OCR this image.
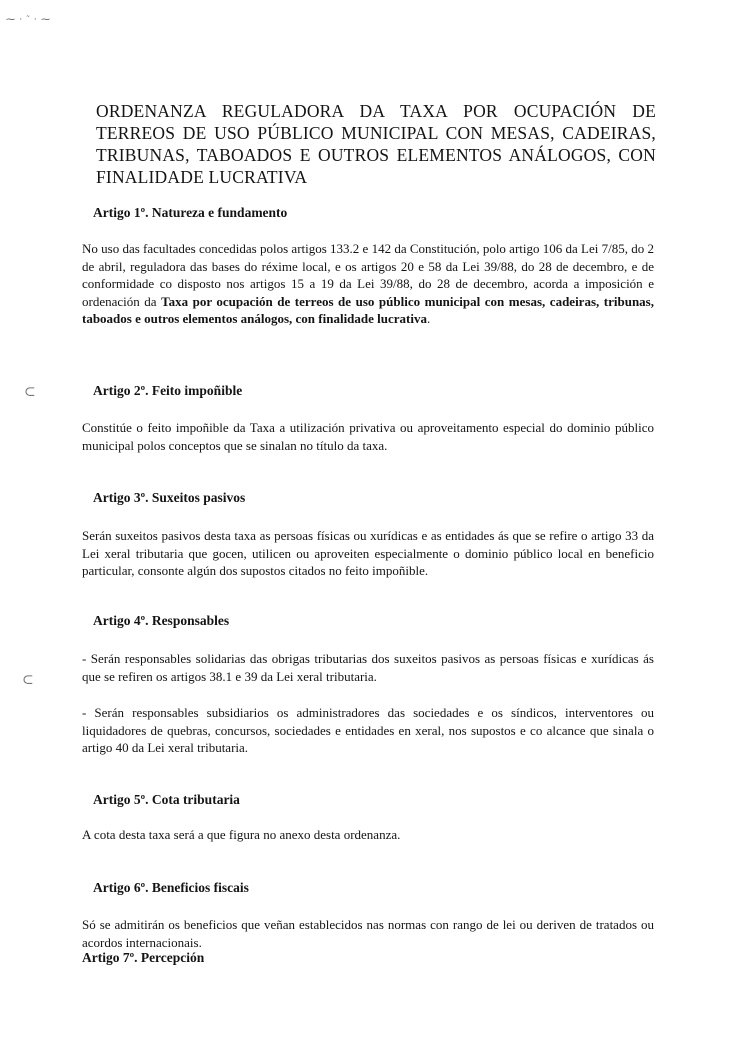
⁓ · ˜ · ⁓
⊂
⊂
ORDENANZA REGULADORA DA TAXA POR OCUPACIÓN DE TERREOS DE USO PÚBLICO MUNICIPAL CON MESAS, CADEIRAS, TRIBUNAS, TABOADOS E OUTROS ELEMENTOS ANÁLOGOS, CON FINALIDADE LUCRATIVA
Artigo 1º. Natureza e fundamento

No uso das facultades concedidas polos artigos 133.2 e 142 da Constitución, polo artigo 106 da Lei 7/85, do 2 de abril, reguladora das bases do réxime local, e os artigos 20 e 58 da Lei 39/88, do 28 de decembro, e de conformidade co disposto nos artigos 15 a 19 da Lei 39/88, do 28 de decembro, acorda a imposición e ordenación da Taxa por ocupación de terreos de uso público municipal con mesas, cadeiras, tribunas, taboados e outros elementos análogos, con finalidade lucrativa.

Artigo 2º. Feito impoñible

Constitúe o feito impoñible da Taxa a utilización privativa ou aproveitamento especial do dominio público municipal polos conceptos que se sinalan no título da taxa.

Artigo 3º. Suxeitos pasivos

Serán suxeitos pasivos desta taxa as persoas físicas ou xurídicas e as entidades ás que se refire o artigo 33 da Lei xeral tributaria que gocen, utilicen ou aproveiten especialmente o dominio público local en beneficio particular, consonte algún dos supostos citados no feito impoñible.

Artigo 4º. Responsables

- Serán responsables solidarias das obrigas tributarias dos suxeitos pasivos as persoas físicas e xurídicas ás que se refiren os artigos 38.1 e 39 da Lei xeral tributaria.

- Serán responsables subsidiarios os administradores das sociedades e os síndicos, interventores ou liquidadores de quebras, concursos, sociedades e entidades en xeral, nos supostos e co alcance que sinala o artigo 40 da Lei xeral tributaria.

Artigo 5º. Cota tributaria

A cota desta taxa será a que figura no anexo desta ordenanza.

Artigo 6º. Beneficios fiscais

Só se admitirán os beneficios que veñan establecidos nas normas con rango de lei ou deriven de tratados ou acordos internacionais.

Artigo 7º. Percepción
